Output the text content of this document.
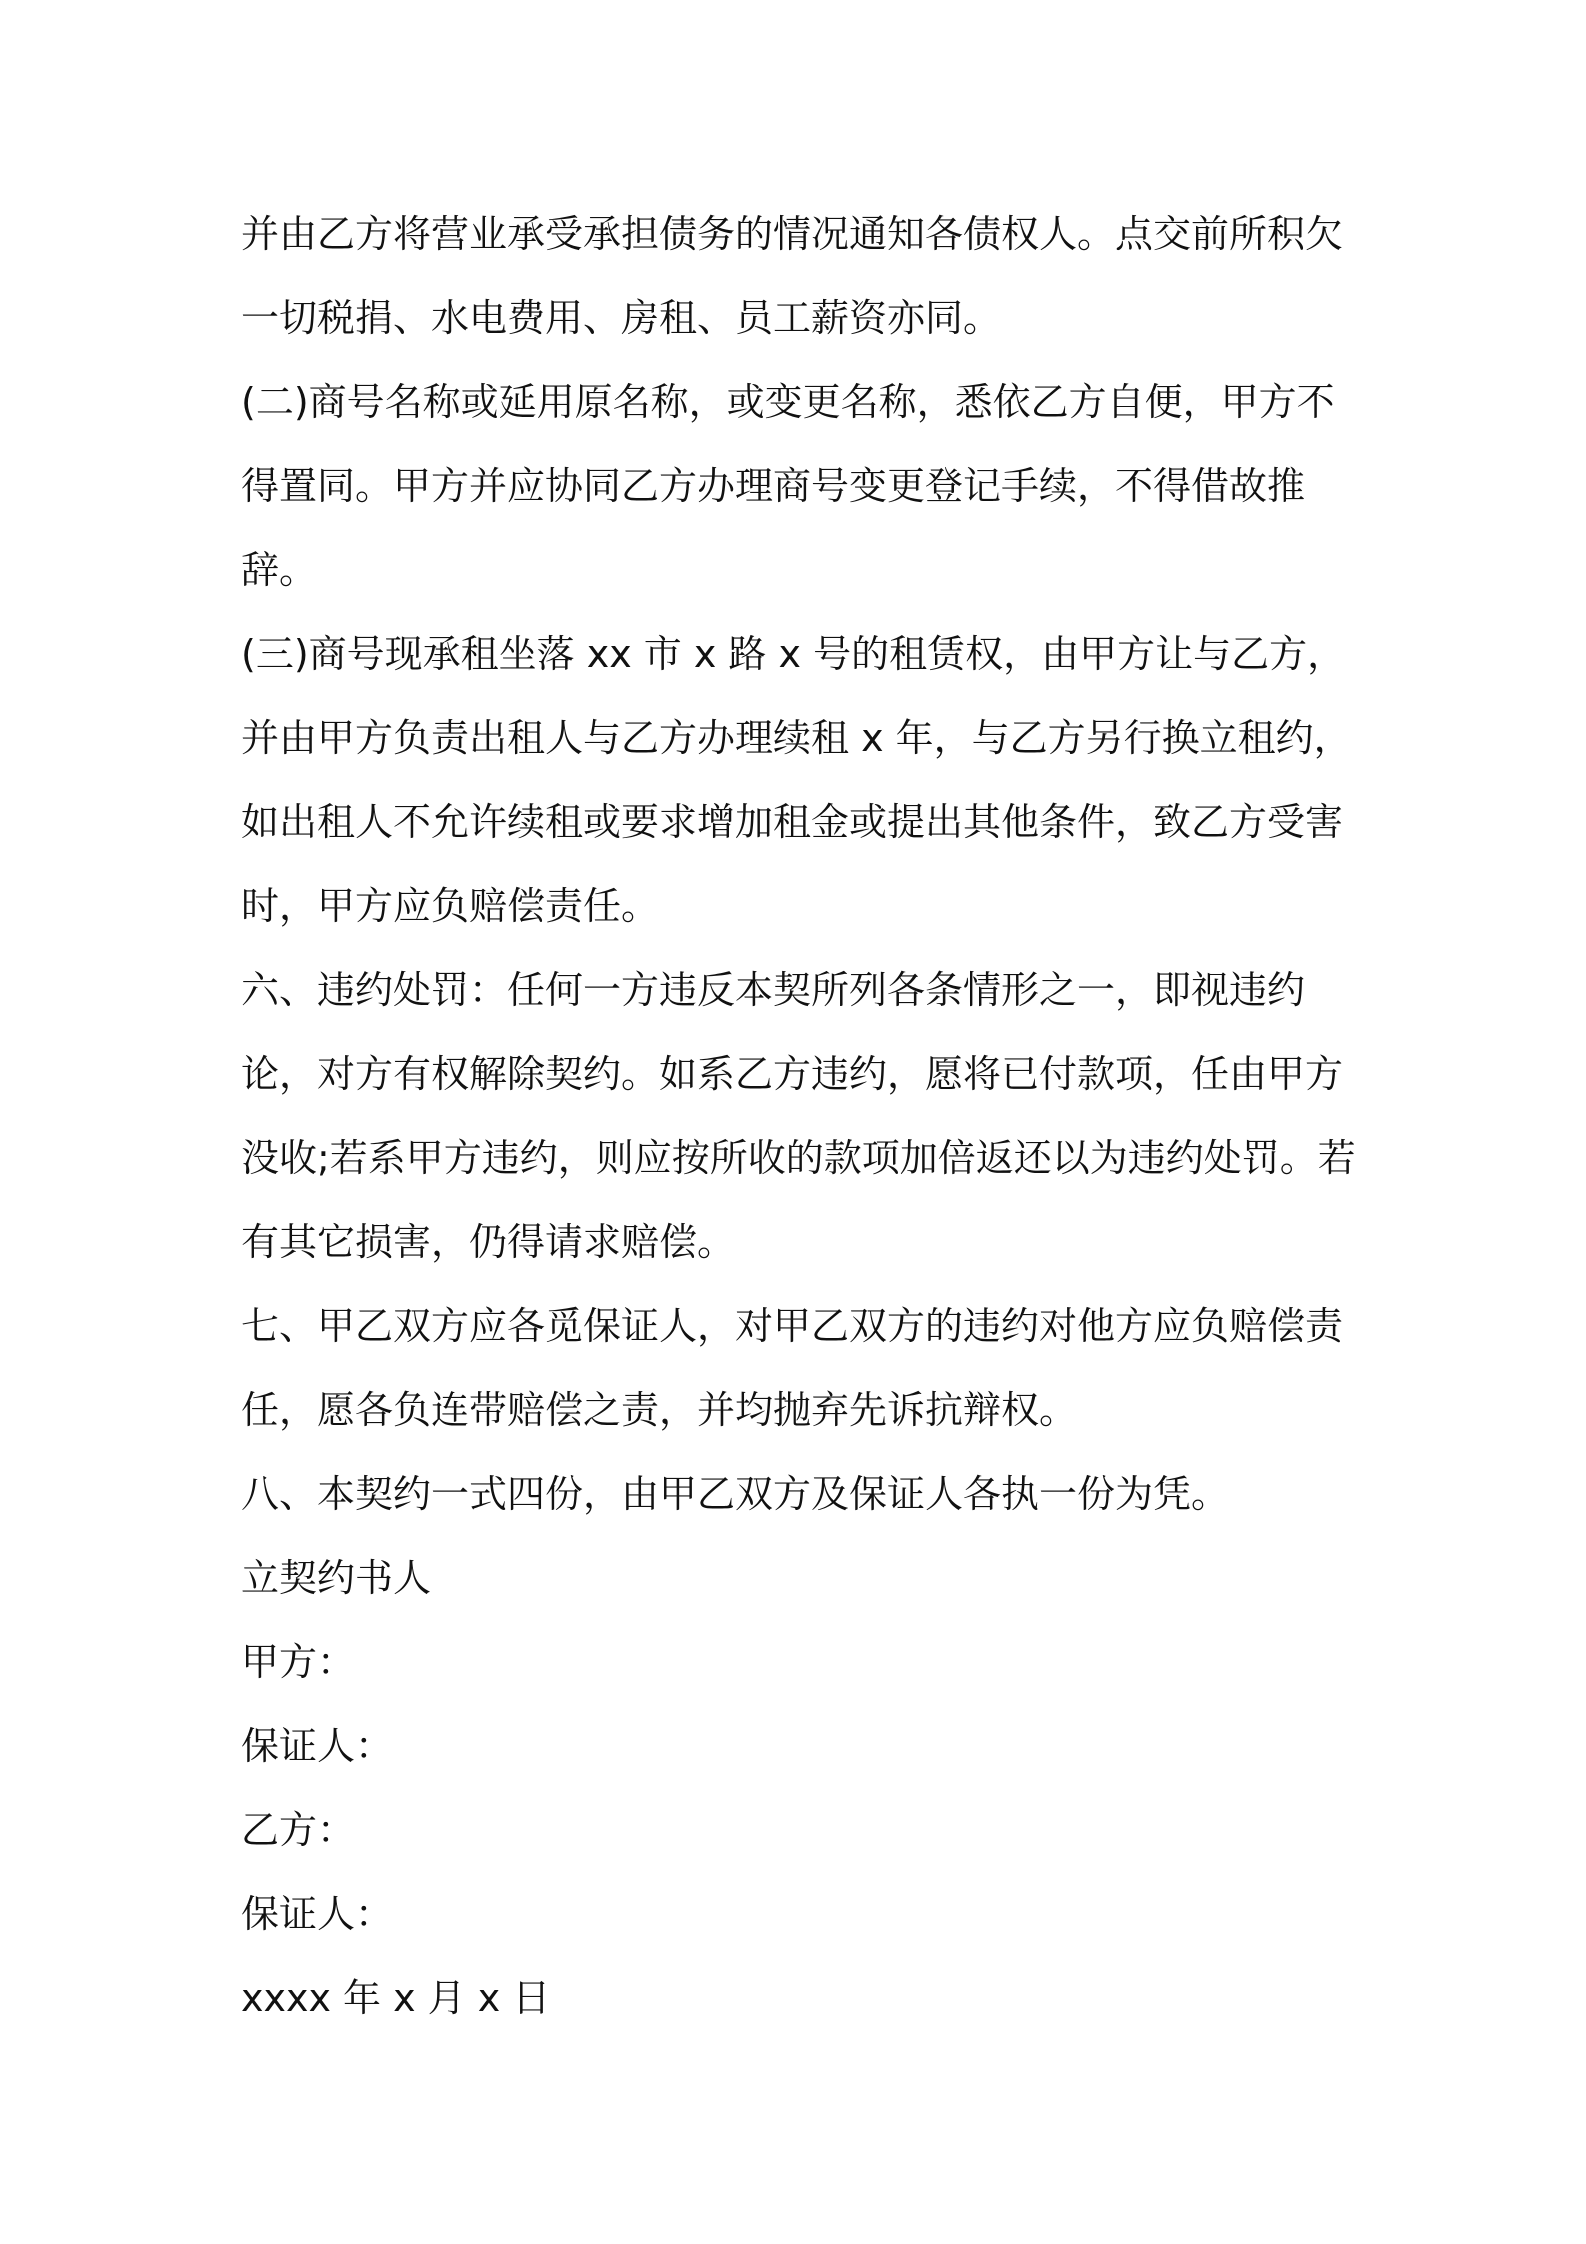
并由乙方将营业承受承担债务的情况通知各债权人。点交前所积欠一切税捐、水电费用、房租、员工薪资亦同。

(二)商号名称或延用原名称，或变更名称，悉依乙方自便，甲方不得置同。甲方并应协同乙方办理商号变更登记手续，不得借故推辞。

(三)商号现承租坐落 xx 市 x 路 x 号的租赁权，由甲方让与乙方，并由甲方负责出租人与乙方办理续租 x 年，与乙方另行换立租约，如出租人不允许续租或要求增加租金或提出其他条件，致乙方受害时，甲方应负赔偿责任。

六、违约处罚：任何一方违反本契所列各条情形之一，即视违约论，对方有权解除契约。如系乙方违约，愿将已付款项，任由甲方没收;若系甲方违约，则应按所收的款项加倍返还以为违约处罚。若有其它损害，仍得请求赔偿。

七、甲乙双方应各觅保证人，对甲乙双方的违约对他方应负赔偿责任，愿各负连带赔偿之责，并均抛弃先诉抗辩权。

八、本契约一式四份，由甲乙双方及保证人各执一份为凭。

立契约书人

甲方：

保证人：

乙方：

保证人：

xxxx 年 x 月 x 日
